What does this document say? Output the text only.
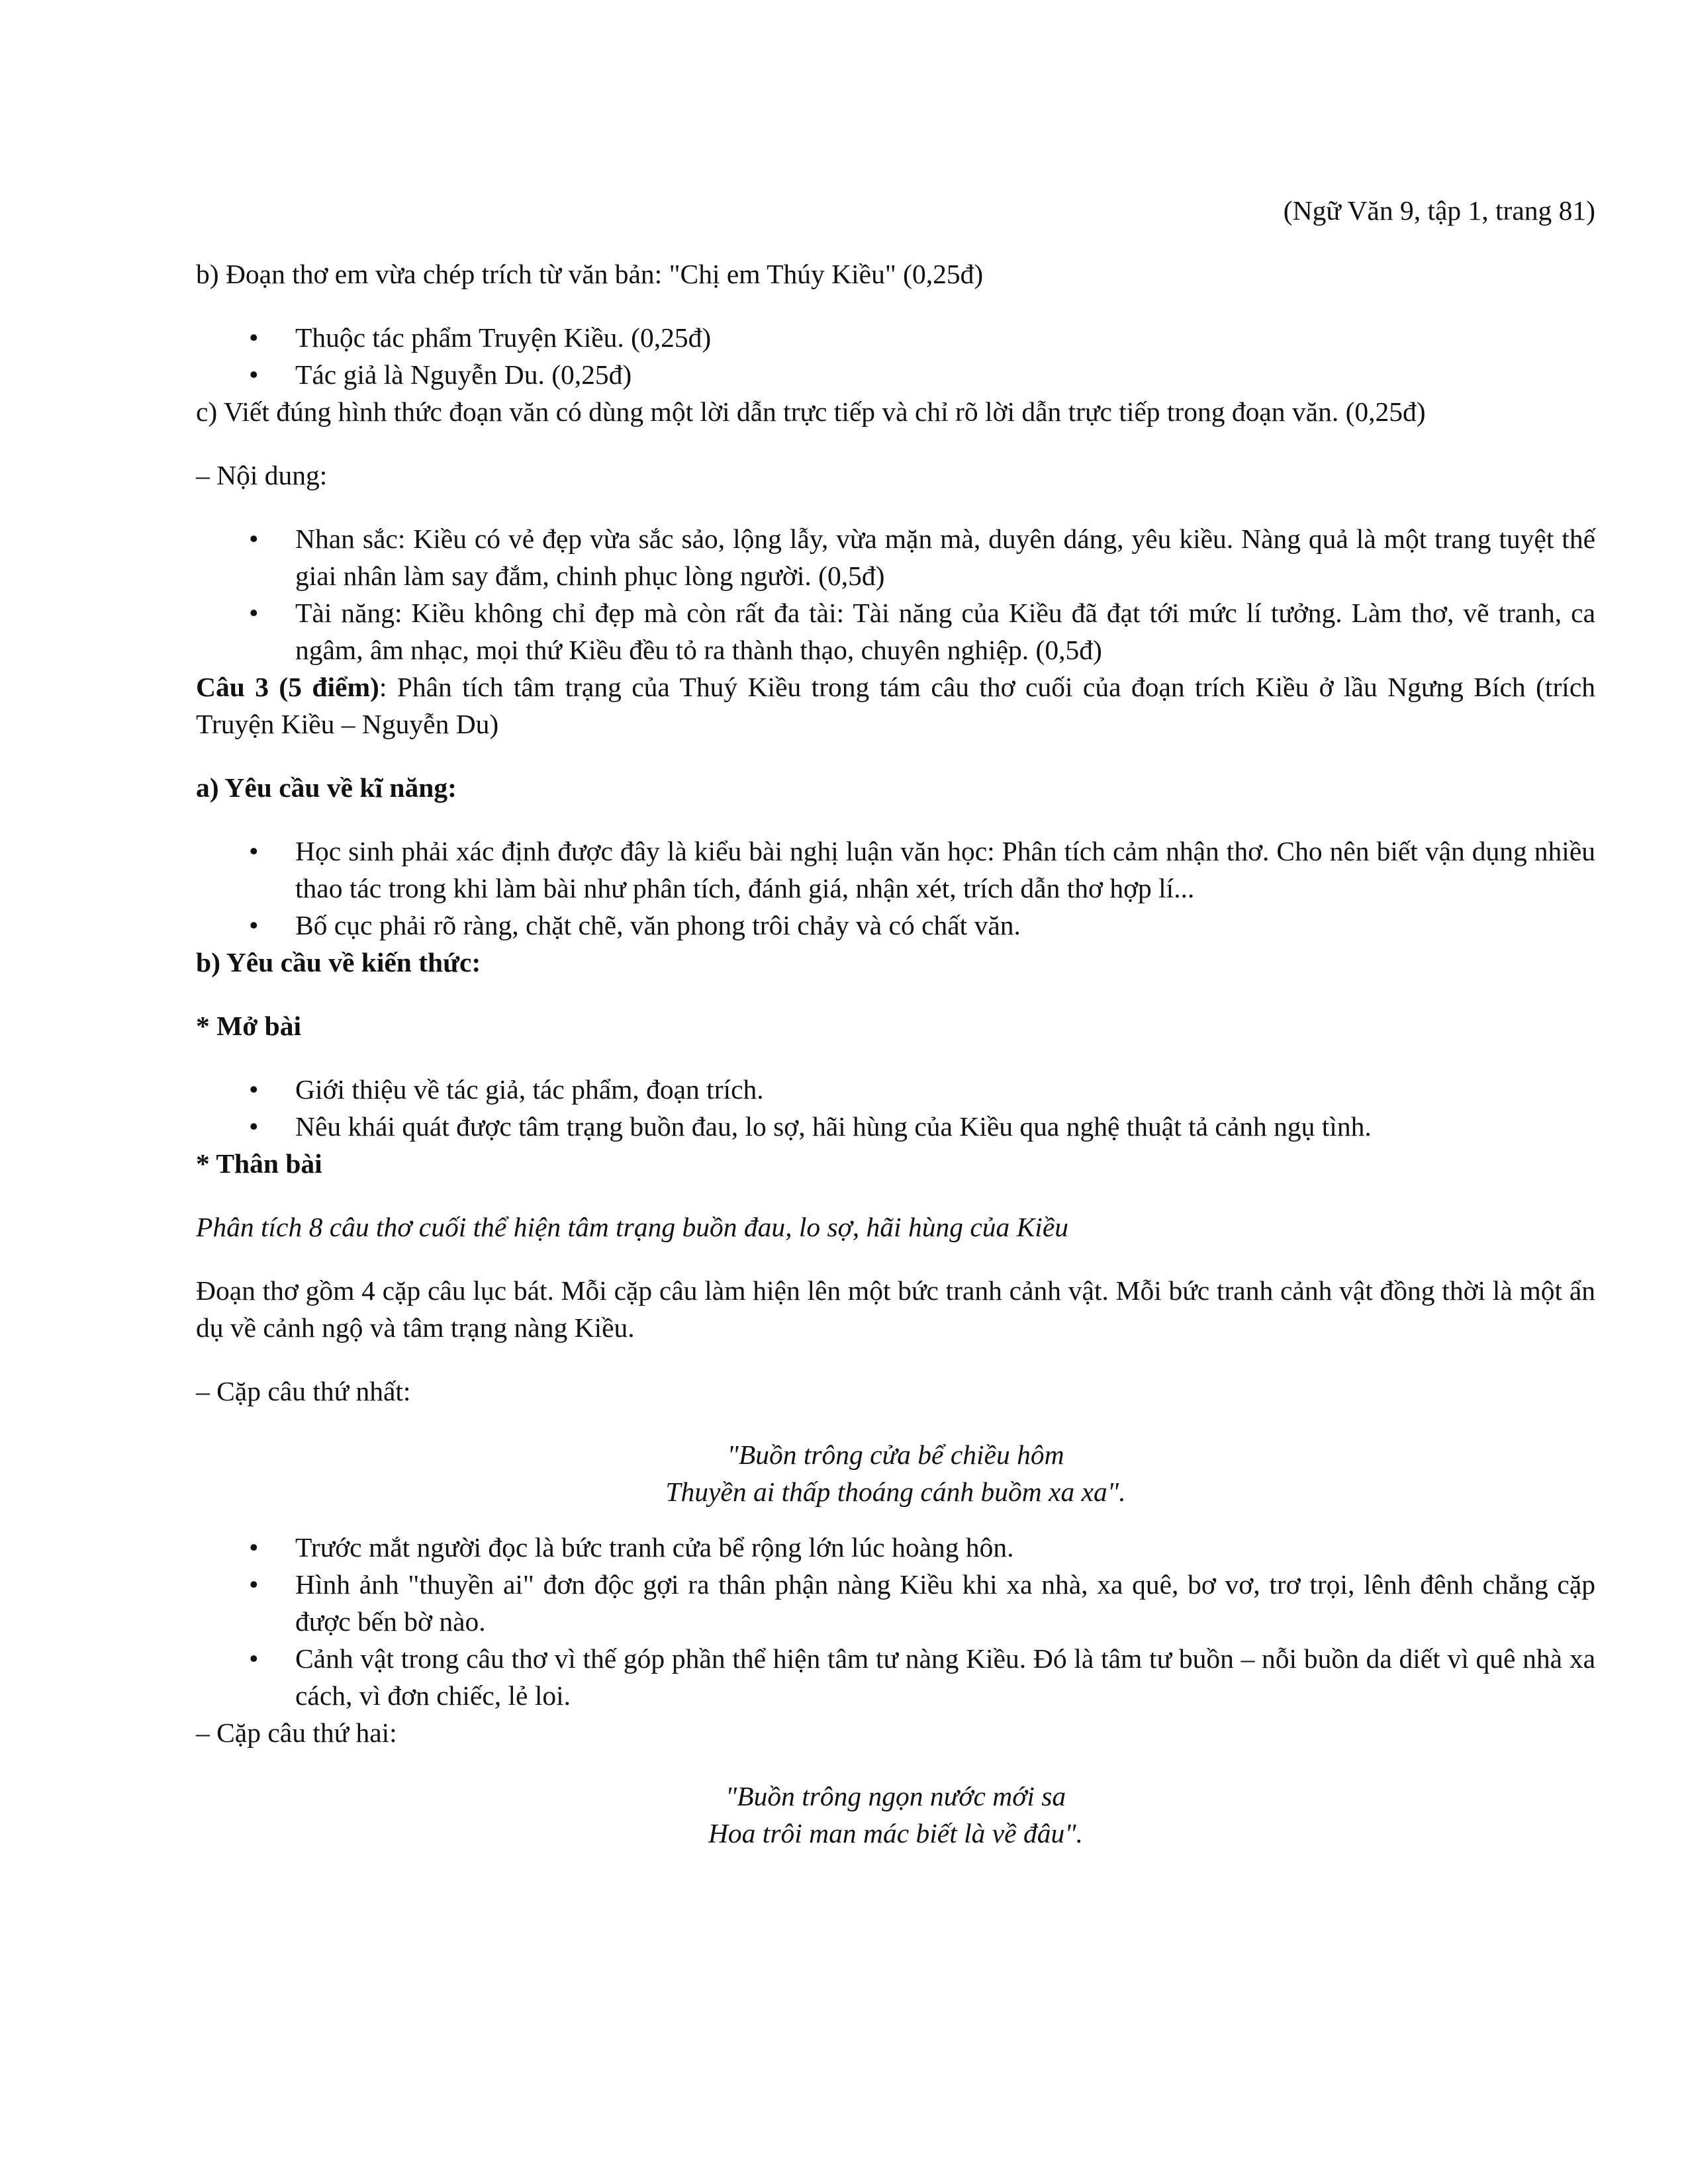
(Ngữ Văn 9, tập 1, trang 81)

b) Đoạn thơ em vừa chép trích từ văn bản: "Chị em Thúy Kiều" (0,25đ)

•
Thuộc tác phẩm Truyện Kiều. (0,25đ)
•
Tác giả là Nguyễn Du. (0,25đ)

c) Viết đúng hình thức đoạn văn có dùng một lời dẫn trực tiếp và chỉ rõ lời dẫn trực tiếp trong đoạn văn. (0,25đ)

– Nội dung:

•
Nhan sắc: Kiều có vẻ đẹp vừa sắc sảo, lộng lẫy, vừa mặn mà, duyên dáng, yêu kiều. Nàng quả là một trang tuyệt thế giai nhân làm say đắm, chinh phục lòng người. (0,5đ)
•
Tài năng: Kiều không chỉ đẹp mà còn rất đa tài: Tài năng của Kiều đã đạt tới mức lí tưởng. Làm thơ, vẽ tranh, ca ngâm, âm nhạc, mọi thứ Kiều đều tỏ ra thành thạo, chuyên nghiệp. (0,5đ)

Câu 3 (5 điểm): Phân tích tâm trạng của Thuý Kiều trong tám câu thơ cuối của đoạn trích Kiều ở lầu Ngưng Bích (trích Truyện Kiều – Nguyễn Du)

a) Yêu cầu về kĩ năng:

•
Học sinh phải xác định được đây là kiểu bài nghị luận văn học: Phân tích cảm nhận thơ. Cho nên biết vận dụng nhiều thao tác trong khi làm bài như phân tích, đánh giá, nhận xét, trích dẫn thơ hợp lí...
•
Bố cục phải rõ ràng, chặt chẽ, văn phong trôi chảy và có chất văn.

b) Yêu cầu về kiến thức:

* Mở bài

•
Giới thiệu về tác giả, tác phẩm, đoạn trích.
•
Nêu khái quát được tâm trạng buồn đau, lo sợ, hãi hùng của Kiều qua nghệ thuật tả cảnh ngụ tình.

* Thân bài

Phân tích 8 câu thơ cuối thể hiện tâm trạng buồn đau, lo sợ, hãi hùng của Kiều

Đoạn thơ gồm 4 cặp câu lục bát. Mỗi cặp câu làm hiện lên một bức tranh cảnh vật. Mỗi bức tranh cảnh vật đồng thời là một ẩn dụ về cảnh ngộ và tâm trạng nàng Kiều.

– Cặp câu thứ nhất:

"Buồn trông cửa bể chiều hôm

Thuyền ai thấp thoáng cánh buồm xa xa".

•
Trước mắt người đọc là bức tranh cửa bể rộng lớn lúc hoàng hôn.
•
Hình ảnh "thuyền ai" đơn độc gợi ra thân phận nàng Kiều khi xa nhà, xa quê, bơ vơ, trơ trọi, lênh đênh chẳng cặp được bến bờ nào.
•
Cảnh vật trong câu thơ vì thế góp phần thể hiện tâm tư nàng Kiều. Đó là tâm tư buồn – nỗi buồn da diết vì quê nhà xa cách, vì đơn chiếc, lẻ loi.

– Cặp câu thứ hai:

"Buồn trông ngọn nước mới sa

Hoa trôi man mác biết là về đâu".
